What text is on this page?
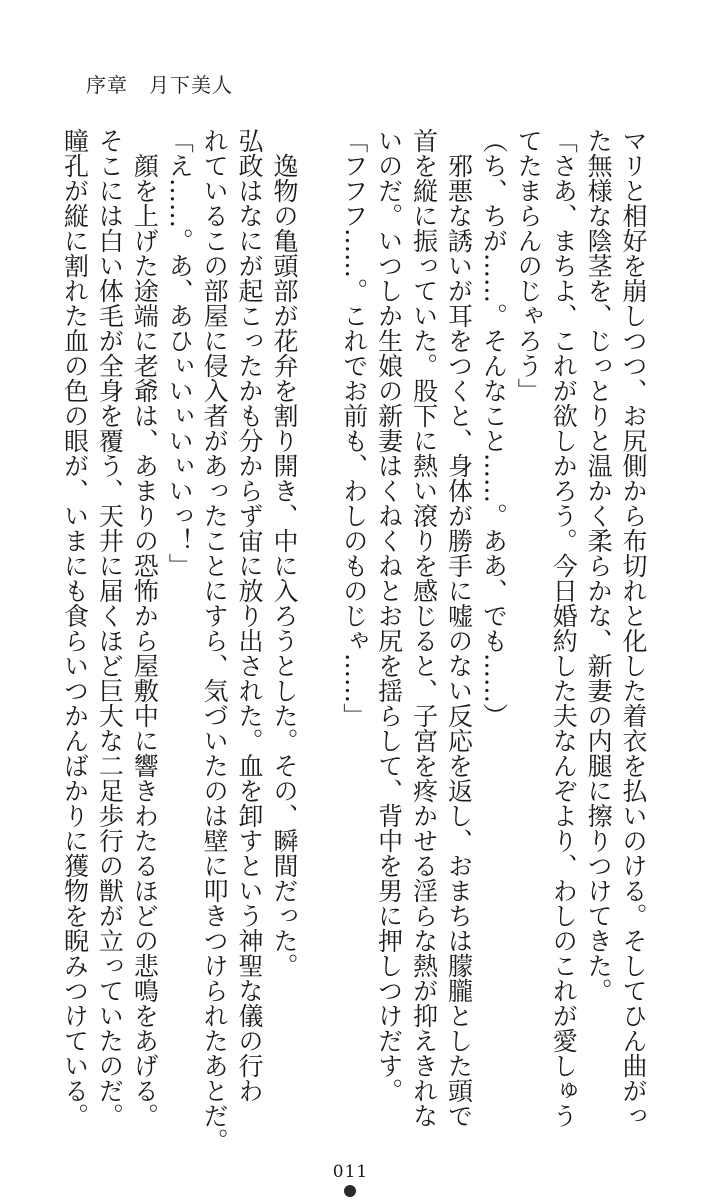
序章　月下美人
マリと相好を崩しつつ、お尻側から布切れと化した着衣を払いのける。そしてひん曲がっ
た無様な陰茎を、じっとりと温かく柔らかな、新妻の内腿に擦りつけてきた。
「さあ、まちよ、これが欲しかろう。今日婚約した夫なんぞより、わしのこれが愛しゅう
てたまらんのじゃろう」
（ち、ちが……。そんなこと……。ああ、でも……）
　邪悪な誘いが耳をつくと、身体が勝手に嘘のない反応を返し、おまちは朦朧とした頭で
首を縦に振っていた。股下に熱い滾りを感じると、子宮を疼かせる淫らな熱が抑えきれな
いのだ。いつしか生娘の新妻はくねくねとお尻を揺らして、背中を男に押しつけだす。
「フフフ……。これでお前も、わしのものじゃ……」
　逸物の亀頭部が花弁を割り開き、中に入ろうとした。その、瞬間だった。
弘政はなにが起こったかも分からず宙に放り出された。血を卸すという神聖な儀の行わ
れているこの部屋に侵入者があったことにすら、気づいたのは壁に叩きつけられたあとだ。
「え……。あ、あひぃいぃいぃいっ！」
　顔を上げた途端に老爺は、あまりの恐怖から屋敷中に響きわたるほどの悲鳴をあげる。
そこには白い体毛が全身を覆う、天井に届くほど巨大な二足歩行の獣が立っていたのだ。
瞳孔が縦に割れた血の色の眼が、いまにも食らいつかんばかりに獲物を睨みつけている。
011
